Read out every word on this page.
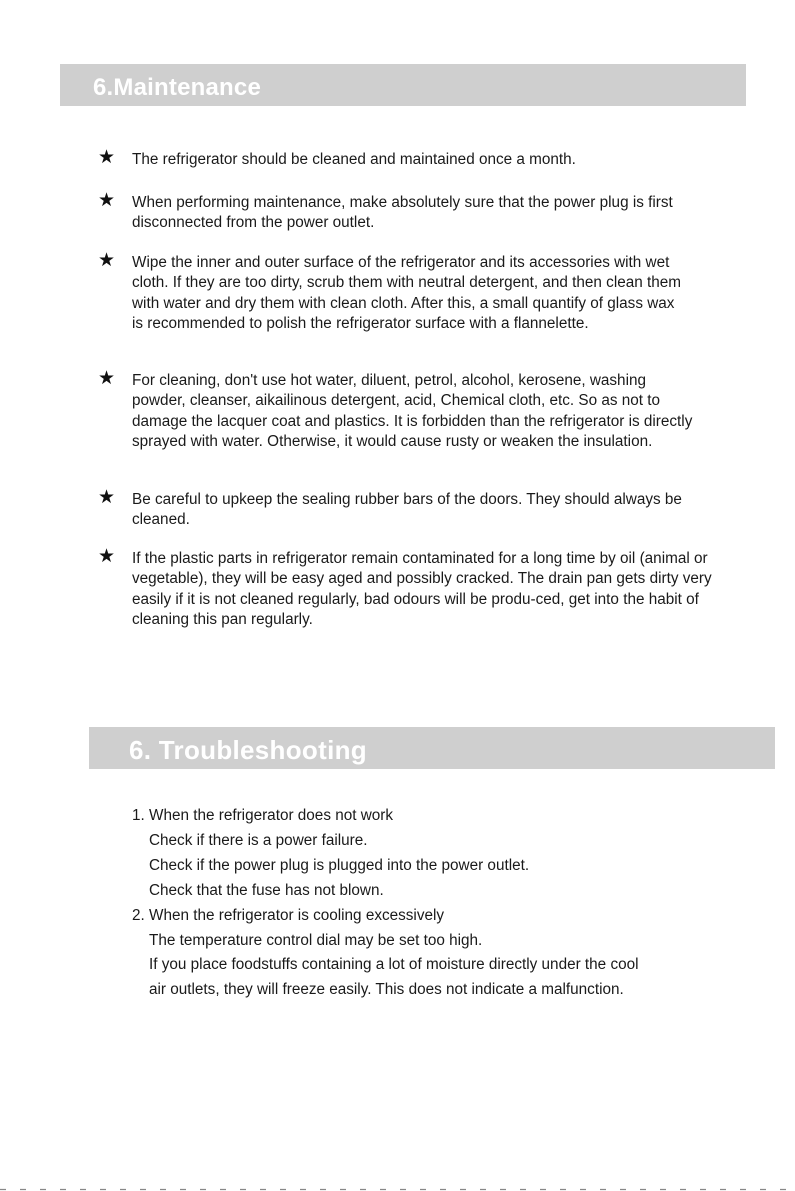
6.Maintenance
★ The refrigerator should be cleaned and maintained once a month.

★ When performing maintenance, make absolutely sure that the power plug is first disconnected from the power outlet.

★ Wipe the inner and outer surface of the refrigerator and its accessories with wet cloth. If they are too dirty, scrub them with neutral detergent, and then clean them with water and dry them with clean cloth. After this, a small quantify of glass wax is recommended to polish the refrigerator surface with a flannelette.

★ For cleaning, don't use hot water, diluent, petrol, alcohol, kerosene, washing powder, cleanser, aikailinous detergent, acid, Chemical cloth, etc. So as not to damage the lacquer coat and plastics. It is forbidden than the refrigerator is directly sprayed with water. Otherwise, it would cause rusty or weaken the insulation.

★ Be careful to upkeep the sealing rubber bars of the doors. They should always be cleaned.

★ If the plastic parts in refrigerator remain contaminated for a long time by oil (animal or vegetable), they will be easy aged and possibly cracked. The drain pan gets dirty very easily if it is not cleaned regularly, bad odours will be produ-ced, get into the habit of cleaning this pan regularly.

6. Troubleshooting
1. When the refrigerator does not work
Check if there is a power failure.
Check if the power plug is plugged into the power outlet.
Check that the fuse has not blown.
2. When the refrigerator is cooling excessively
The temperature control dial may be set too high.
If you place foodstuffs containing a lot of moisture directly under the cool
air outlets, they will freeze easily. This does not indicate a malfunction.
